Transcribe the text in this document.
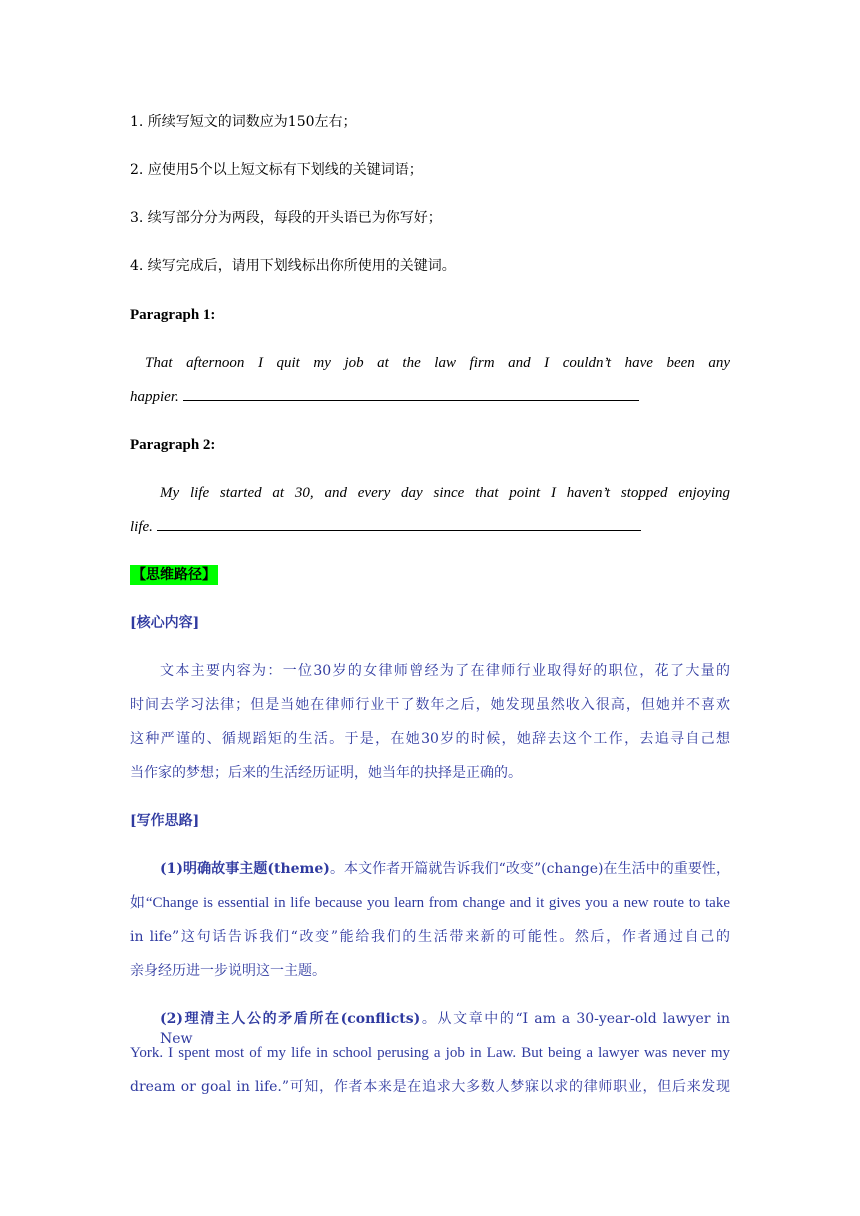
1. 所续写短文的词数应为150左右；
2. 应使用5个以上短文标有下划线的关键词语；
3. 续写部分分为两段，每段的开头语已为你写好；
4. 续写完成后，请用下划线标出你所使用的关键词。
Paragraph 1:
That afternoon I quit my job at the law firm and I couldn’t have been any
happier.
Paragraph 2:
My life started at 30, and every day since that point I haven’t stopped enjoying
life.
【思维路径】
[核心内容]
文本主要内容为：一位30岁的女律师曾经为了在律师行业取得好的职位，花了大量的
时间去学习法律；但是当她在律师行业干了数年之后，她发现虽然收入很高，但她并不喜欢
这种严谨的、循规蹈矩的生活。于是，在她30岁的时候，她辞去这个工作，去追寻自己想
当作家的梦想；后来的生活经历证明，她当年的抉择是正确的。
[写作思路]
(1)明确故事主题(theme)。本文作者开篇就告诉我们“改变”(change)在生活中的重要性，
如“Change is essential in life because you learn from change and it gives you a new route to take
in life”这句话告诉我们“改变”能给我们的生活带来新的可能性。然后，作者通过自己的
亲身经历进一步说明这一主题。
(2)理清主人公的矛盾所在(conflicts)。从文章中的“I am a 30-year-old lawyer in New
York. I spent most of my life in school perusing a job in Law. But being a lawyer was never my
dream or goal in life.”可知，作者本来是在追求大多数人梦寐以求的律师职业，但后来发现
